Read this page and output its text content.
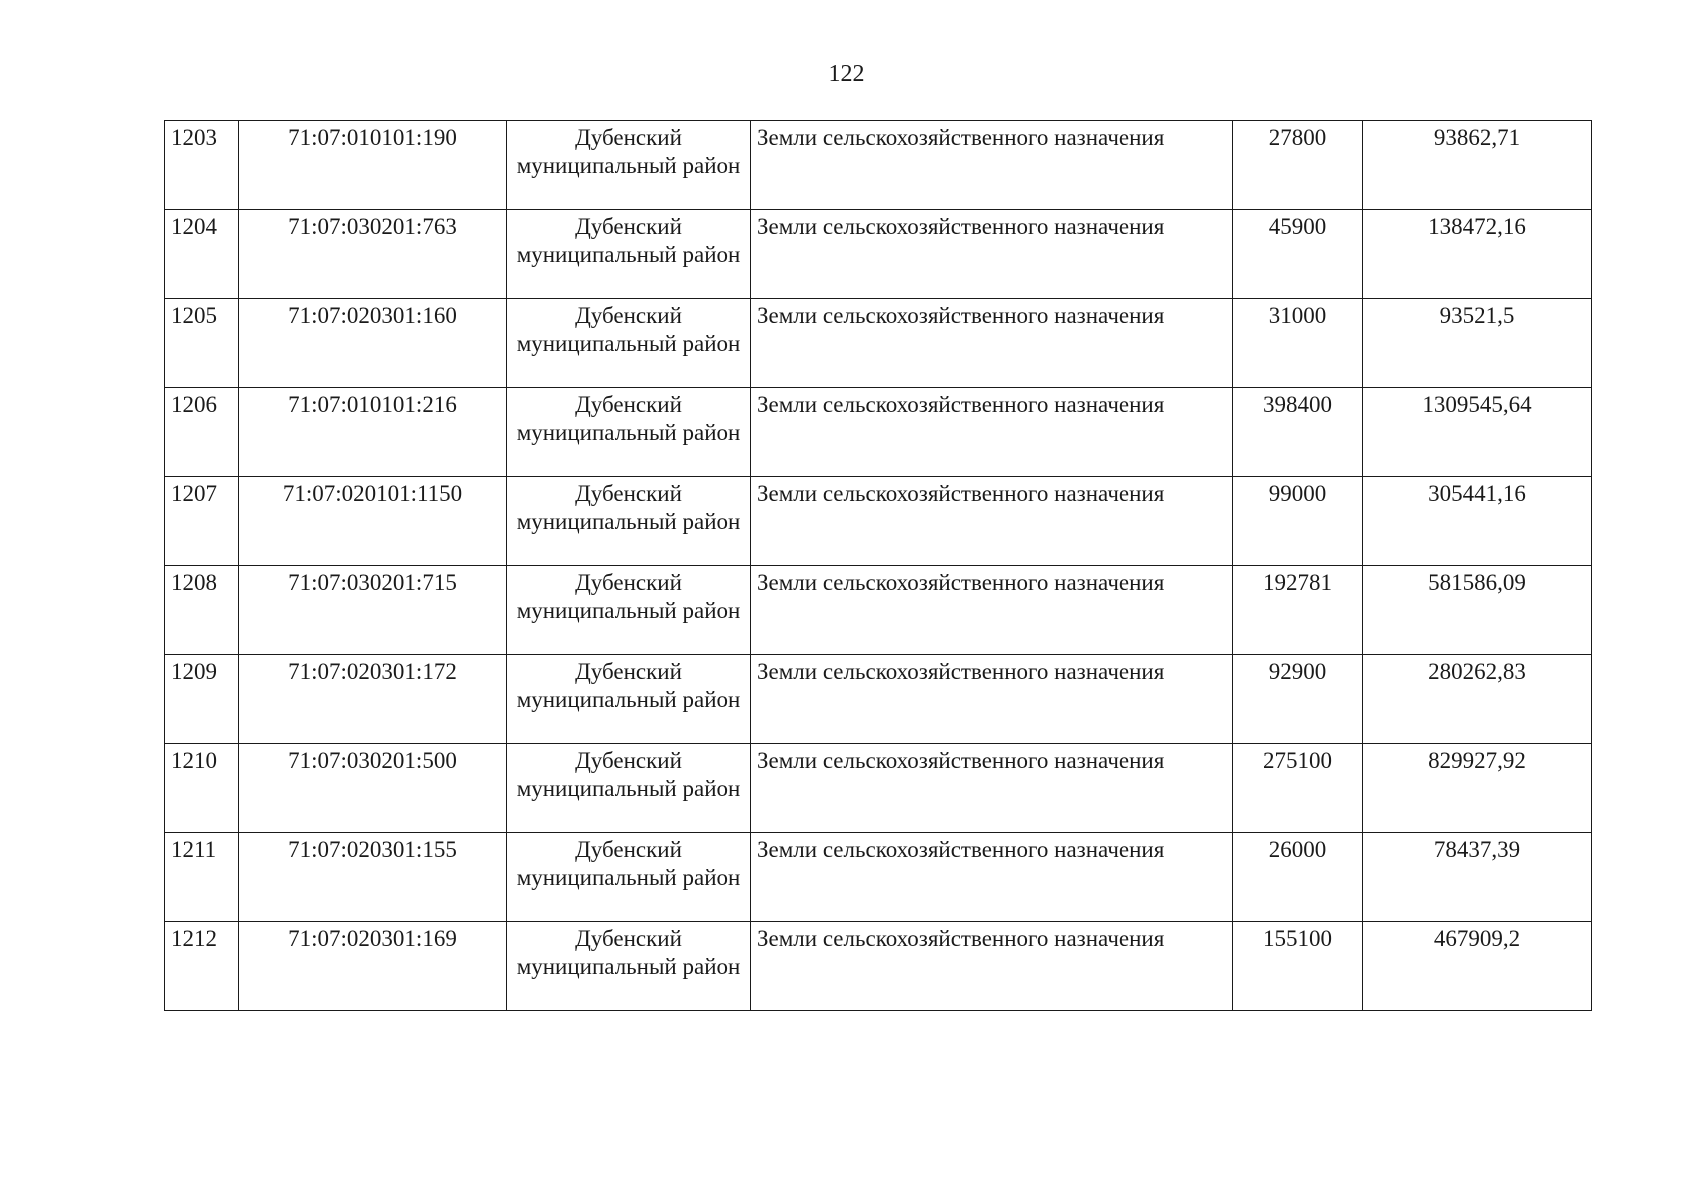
122
1203	71:07:010101:190	Дубенский муниципальный район	Земли сельскохозяйственного назначения	27800	93862,71
1204	71:07:030201:763	Дубенский муниципальный район	Земли сельскохозяйственного назначения	45900	138472,16
1205	71:07:020301:160	Дубенский муниципальный район	Земли сельскохозяйственного назначения	31000	93521,5
1206	71:07:010101:216	Дубенский муниципальный район	Земли сельскохозяйственного назначения	398400	1309545,64
1207	71:07:020101:1150	Дубенский муниципальный район	Земли сельскохозяйственного назначения	99000	305441,16
1208	71:07:030201:715	Дубенский муниципальный район	Земли сельскохозяйственного назначения	192781	581586,09
1209	71:07:020301:172	Дубенский муниципальный район	Земли сельскохозяйственного назначения	92900	280262,83
1210	71:07:030201:500	Дубенский муниципальный район	Земли сельскохозяйственного назначения	275100	829927,92
1211	71:07:020301:155	Дубенский муниципальный район	Земли сельскохозяйственного назначения	26000	78437,39
1212	71:07:020301:169	Дубенский муниципальный район	Земли сельскохозяйственного назначения	155100	467909,2
